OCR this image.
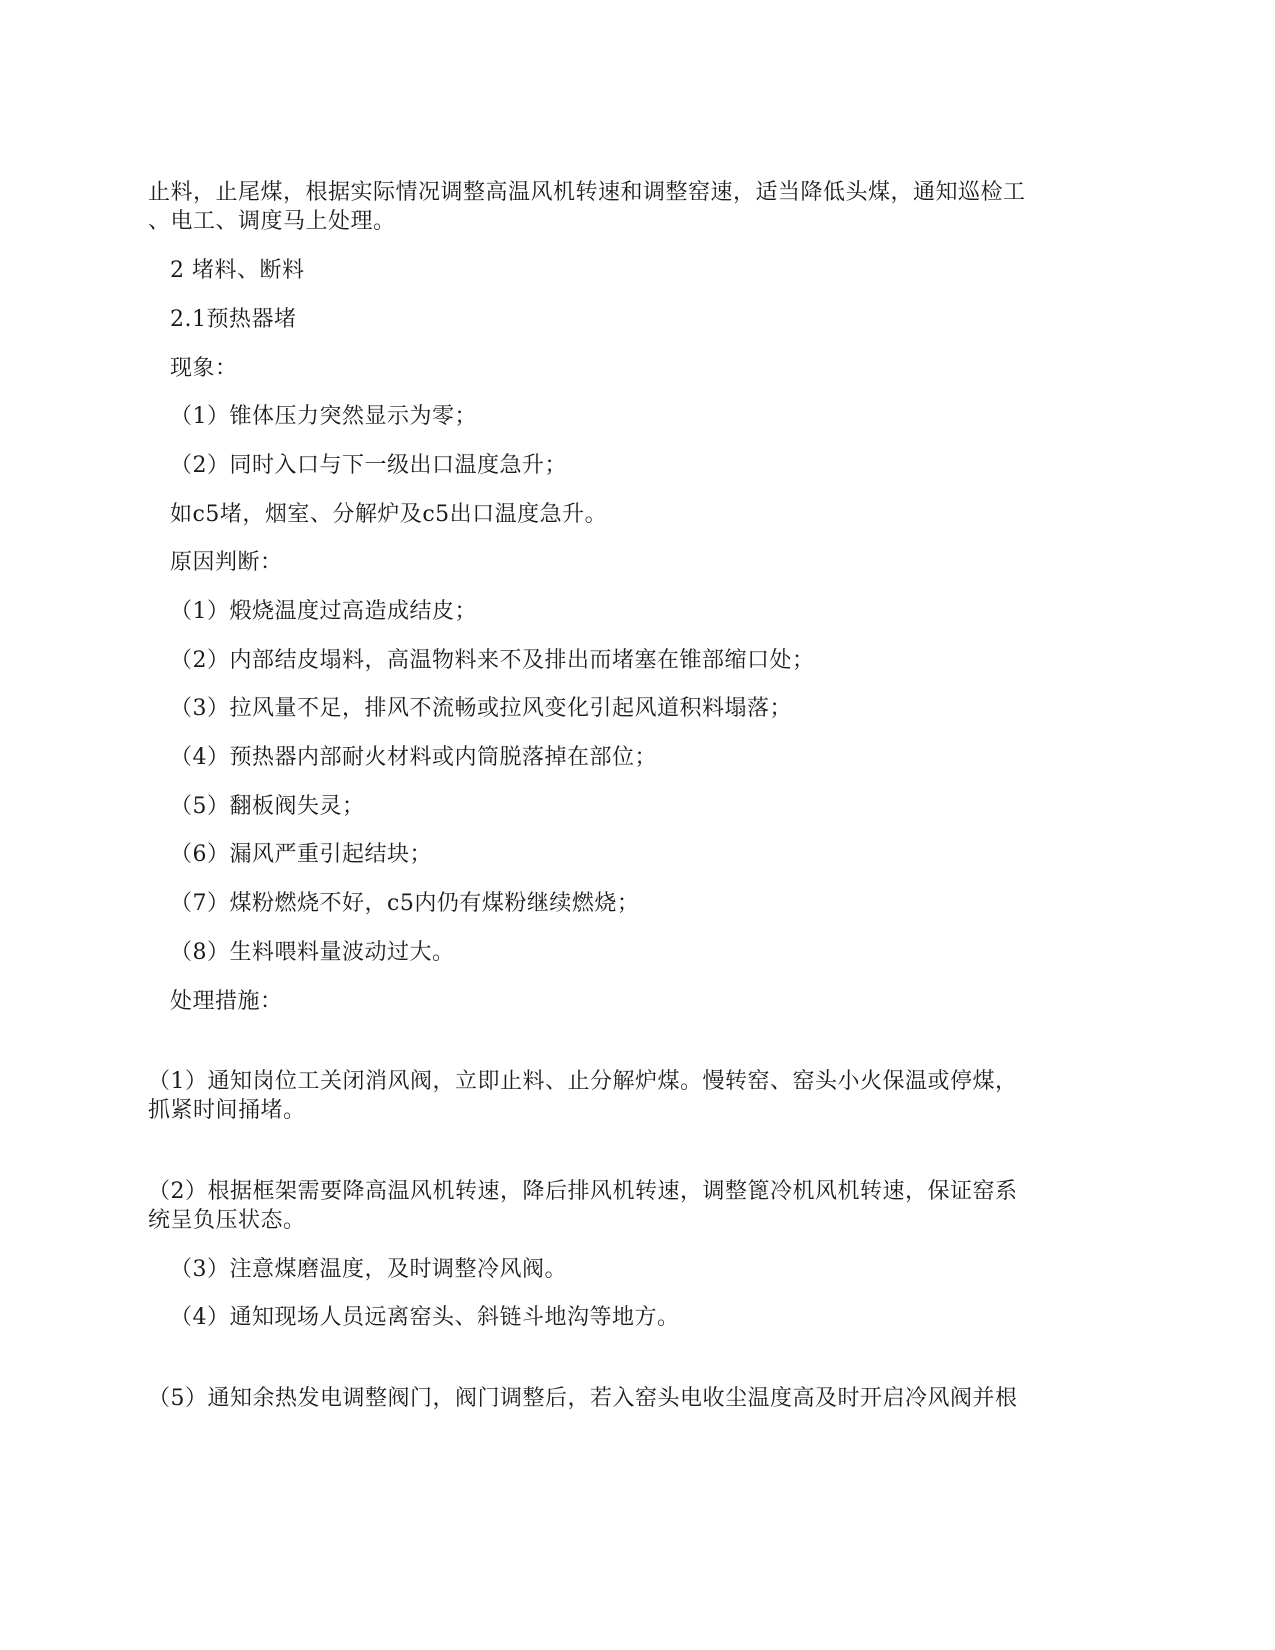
止料，止尾煤，根据实际情况调整高温风机转速和调整窑速，适当降低头煤，通知巡检工
、电工、调度马上处理。
2 堵料、断料
2.1预热器堵
现象：
（1）锥体压力突然显示为零；
（2）同时入口与下一级出口温度急升；
如c5堵，烟室、分解炉及c5出口温度急升。
原因判断：
（1）煅烧温度过高造成结皮；
（2）内部结皮塌料，高温物料来不及排出而堵塞在锥部缩口处；
（3）拉风量不足，排风不流畅或拉风变化引起风道积料塌落；
（4）预热器内部耐火材料或内筒脱落掉在部位；
（5）翻板阀失灵；
（6）漏风严重引起结块；
（7）煤粉燃烧不好，c5内仍有煤粉继续燃烧；
（8）生料喂料量波动过大。
处理措施：
（1）通知岗位工关闭消风阀，立即止料、止分解炉煤。慢转窑、窑头小火保温或停煤，
抓紧时间捅堵。
（2）根据框架需要降高温风机转速，降后排风机转速，调整篦冷机风机转速，保证窑系
统呈负压状态。
（3）注意煤磨温度，及时调整冷风阀。
（4）通知现场人员远离窑头、斜链斗地沟等地方。
（5）通知余热发电调整阀门，阀门调整后，若入窑头电收尘温度高及时开启冷风阀并根
